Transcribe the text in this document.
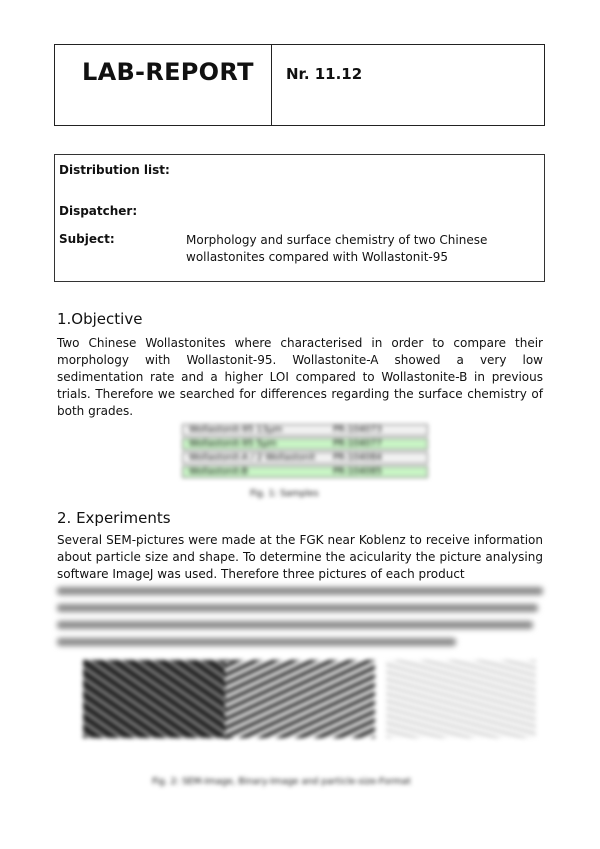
LAB-REPORT Nr. 11.12
Distribution list:
Dispatcher:
Subject:	Morphology and surface chemistry of two Chinese wollastonites compared with Wollastonit-95
1.Objective
Two Chinese Wollastonites where characterised in order to compare their morphology with Wollastonit-95. Wollastonite-A showed a very low sedimentation rate and a higher LOI compared to Wollastonite-B in previous trials. Therefore we searched for differences regarding the surface chemistry of both grades.
Wollastonit-95 13μm	PR-104073
Wollastonit-95 5μm	PR-104077
Wollastonit-A / 2 Wollastonit PR-104084
Wollastonit-B	PR-104085
Fig. 1: Samples
2. Experiments
Several SEM-pictures were made at the FGK near Koblenz to receive information about particle size and shape. To determine the acicularity the picture analysing software ImageJ was used. Therefore three pictures of each product
Fig. 2: SEM-Image, Binary-Image and particle-size-Format
